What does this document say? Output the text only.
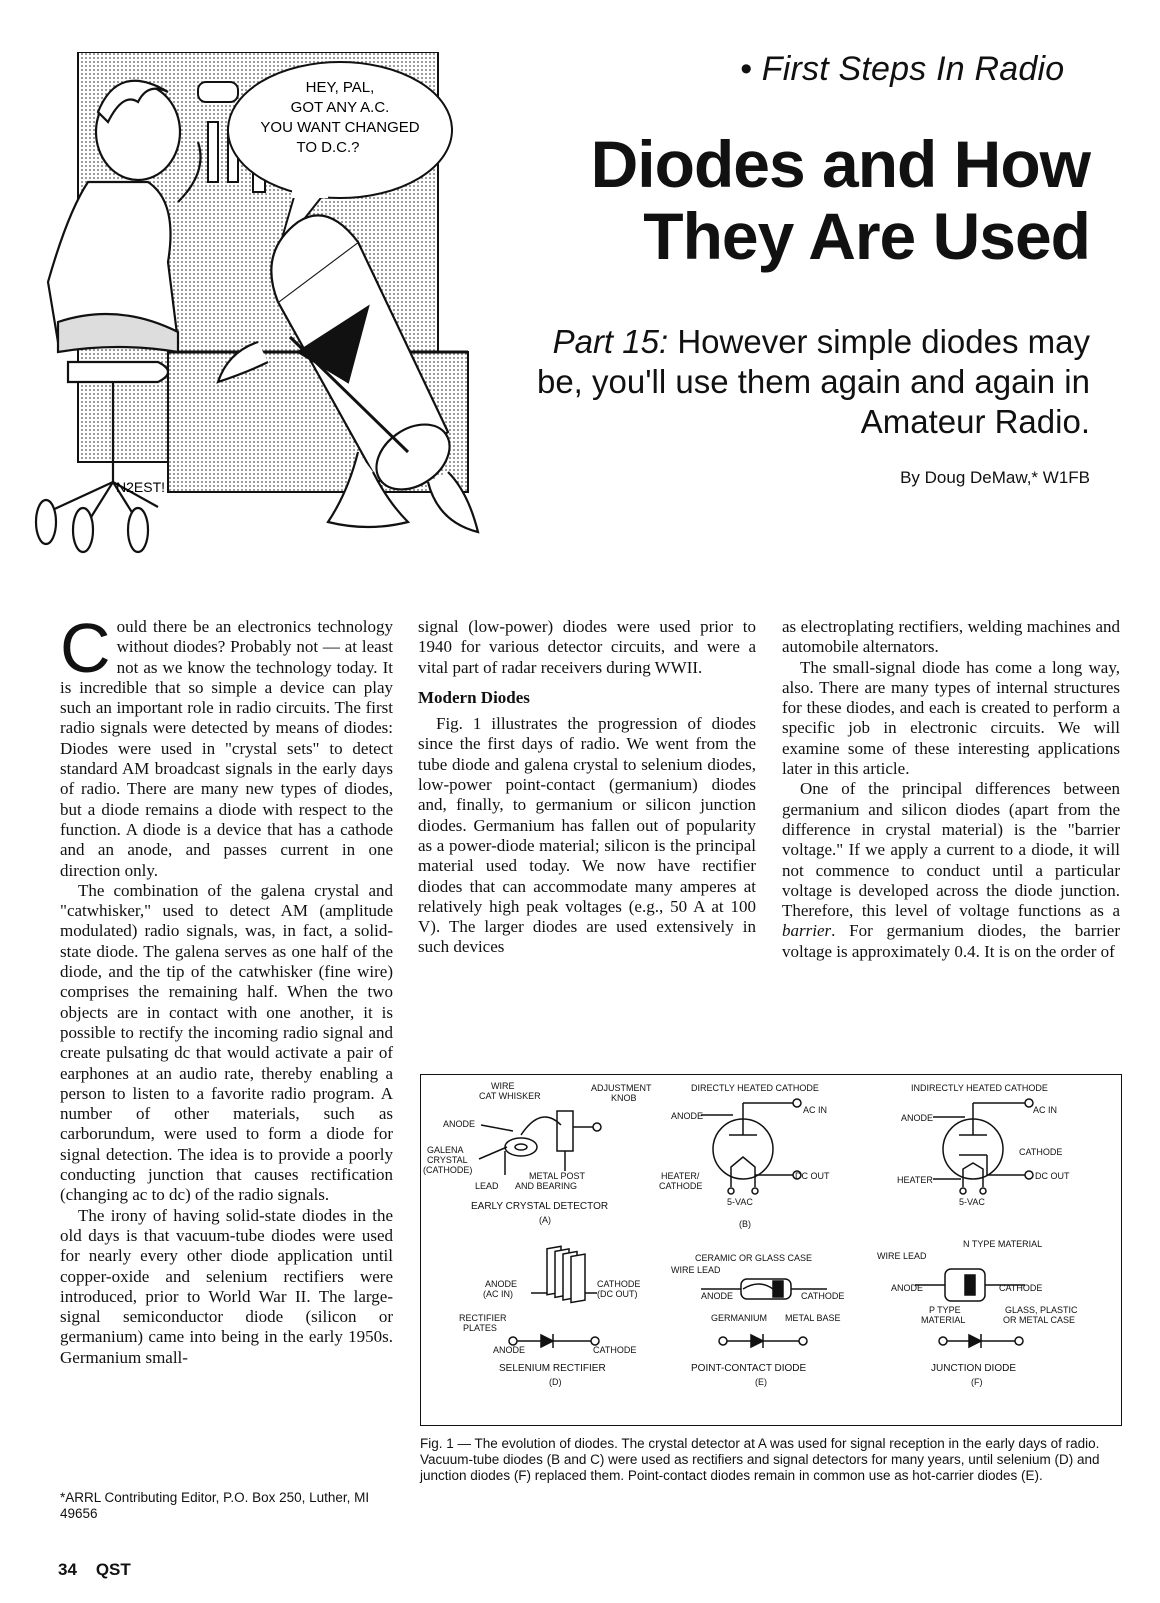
• First Steps In Radio
Diodes and How
They Are Used
Part 15: However simple diodes may be, you'll use them again and again in Amateur Radio.
By Doug DeMaw,* W1FB
HEY, PAL,
GOT ANY A.C.
YOU WANT CHANGED
TO D.C.?
N2EST!

Could there be an electronics technology without diodes? Probably not — at least not as we know the technology today. It is incredible that so simple a device can play such an important role in radio circuits. The first radio signals were detected by means of diodes: Diodes were used in "crystal sets" to detect standard AM broadcast signals in the early days of radio. There are many new types of diodes, but a diode remains a diode with respect to the function. A diode is a device that has a cathode and an anode, and passes current in one direction only.

The combination of the galena crystal and "catwhisker," used to detect AM (amplitude modulated) radio signals, was, in fact, a solid-state diode. The galena serves as one half of the diode, and the tip of the catwhisker (fine wire) comprises the remaining half. When the two objects are in contact with one another, it is possible to rectify the incoming radio signal and create pulsating dc that would activate a pair of earphones at an audio rate, thereby enabling a person to listen to a favorite radio program. A number of other materials, such as carborundum, were used to form a diode for signal detection. The idea is to provide a poorly conducting junction that causes rectification (changing ac to dc) of the radio signals.

The irony of having solid-state diodes in the old days is that vacuum-tube diodes were used for nearly every other diode application until copper-oxide and selenium rectifiers were introduced, prior to World War II. The large-signal semiconductor diode (silicon or germanium) came into being in the early 1950s. Germanium small-

signal (low-power) diodes were used prior to 1940 for various detector circuits, and were a vital part of radar receivers during WWII.

Modern Diodes

Fig. 1 illustrates the progression of diodes since the first days of radio. We went from the tube diode and galena crystal to selenium diodes, low-power point-contact (germanium) diodes and, finally, to germanium or silicon junction diodes. Germanium has fallen out of popularity as a power-diode material; silicon is the principal material used today. We now have rectifier diodes that can accommodate many amperes at relatively high peak voltages (e.g., 50 A at 100 V). The larger diodes are used extensively in such devices

as electroplating rectifiers, welding machines and automobile alternators.

The small-signal diode has come a long way, also. There are many types of internal structures for these diodes, and each is created to perform a specific job in electronic circuits. We will examine some of these interesting applications later in this article.

One of the principal differences between germanium and silicon diodes (apart from the difference in crystal material) is the "barrier voltage." If we apply a current to a diode, it will not commence to conduct until a particular voltage is developed across the diode junction. Therefore, this level of voltage functions as a barrier. For germanium diodes, the barrier voltage is approximately 0.4. It is on the order of

WIRE
CAT WHISKER
ADJUSTMENT
KNOB
ANODE
GALENA
CRYSTAL
(CATHODE)
METAL POST
AND BEARING
LEAD
EARLY CRYSTAL DETECTOR
(A)
DIRECTLY HEATED CATHODE
ANODE
AC IN
HEATER/
CATHODE
DC OUT
5-VAC
(B)
INDIRECTLY HEATED CATHODE
ANODE
AC IN
CATHODE
HEATER	DC OUT
5-VAC
ANODE
(AC IN)
CATHODE
(DC OUT)
RECTIFIER
PLATES
ANODE	CATHODE
SELENIUM RECTIFIER
(D)
CERAMIC OR GLASS CASE
WIRE LEAD
ANODE	CATHODE
GERMANIUM METAL BASE
POINT-CONTACT DIODE
(E)
N TYPE MATERIAL
WIRE LEAD
ANODE	CATHODE
P TYPE
MATERIAL
GLASS, PLASTIC
OR METAL CASE
JUNCTION DIODE
(F)
Fig. 1 — The evolution of diodes. The crystal detector at A was used for signal reception in the early days of radio. Vacuum-tube diodes (B and C) were used as rectifiers and signal detectors for many years, until selenium (D) and junction diodes (F) replaced them. Point-contact diodes remain in common use as hot-carrier diodes (E).
*ARRL Contributing Editor, P.O. Box 250, Luther, MI 49656
34 QST
